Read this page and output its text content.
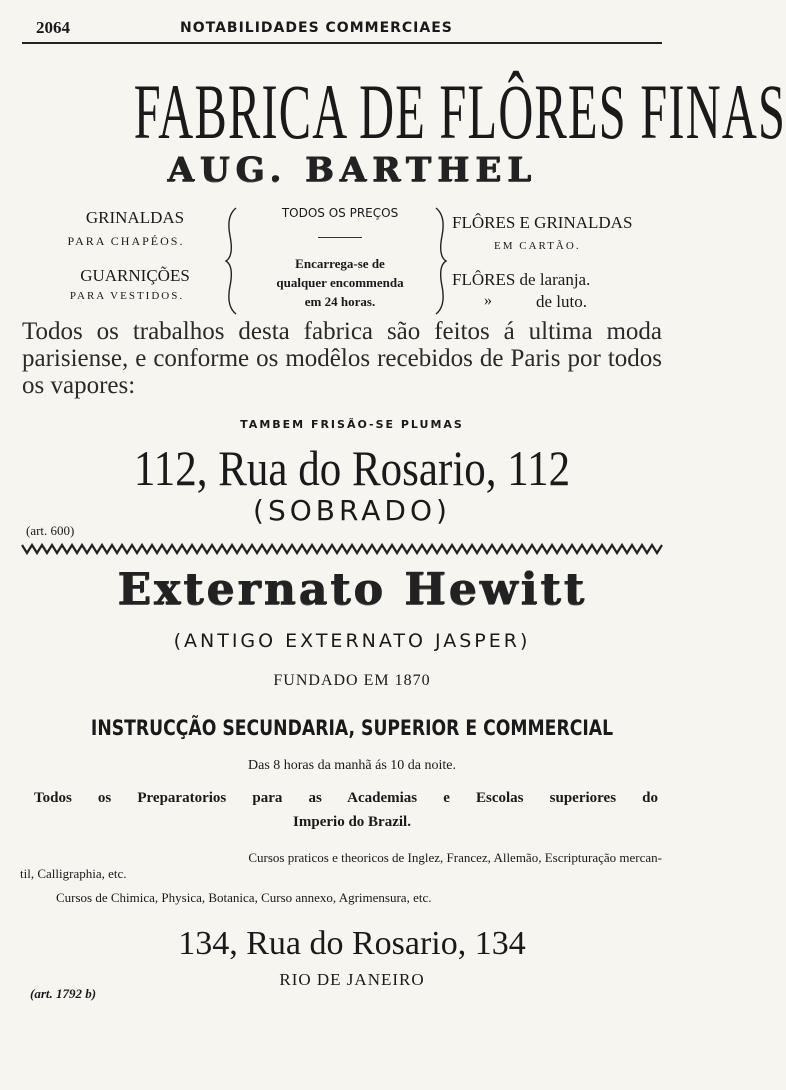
2064	NOTABILIDADES COMMERCIAES
FABRICA DE FLÔRES FINAS
AUG. BARTHEL
GRINALDAS
PARA CHAPÉOS.
GUARNIÇÕES
PARA VESTIDOS.
TODOS OS PREÇOS
Encarrega-se de
qualquer encommenda
em 24 horas.
FLÔRES E GRINALDAS
EM CARTÃO.
FLÔRES de laranja.
»	de luto.
Todos os trabalhos desta fabrica são feitos á ultima moda parisiense, e conforme os modêlos recebidos de Paris por todos os vapores:
TAMBEM FRISÃO-SE PLUMAS
112, Rua do Rosario, 112
(SOBRADO)
(art. 600)
Externato Hewitt
(ANTIGO EXTERNATO JASPER)
FUNDADO EM 1870
INSTRUCÇÃO SECUNDARIA, SUPERIOR E COMMERCIAL
Das 8 horas da manhã ás 10 da noite.
Todos os Preparatorios para as Academias e Escolas superiores do
Imperio do Brazil.
Cursos praticos e theoricos de Inglez, Francez, Allemão, Escripturação mercan-
til, Calligraphia, etc.
Cursos de Chimica, Physica, Botanica, Curso annexo, Agrimensura, etc.
134, Rua do Rosario, 134
RIO DE JANEIRO
(art. 1792 b)
